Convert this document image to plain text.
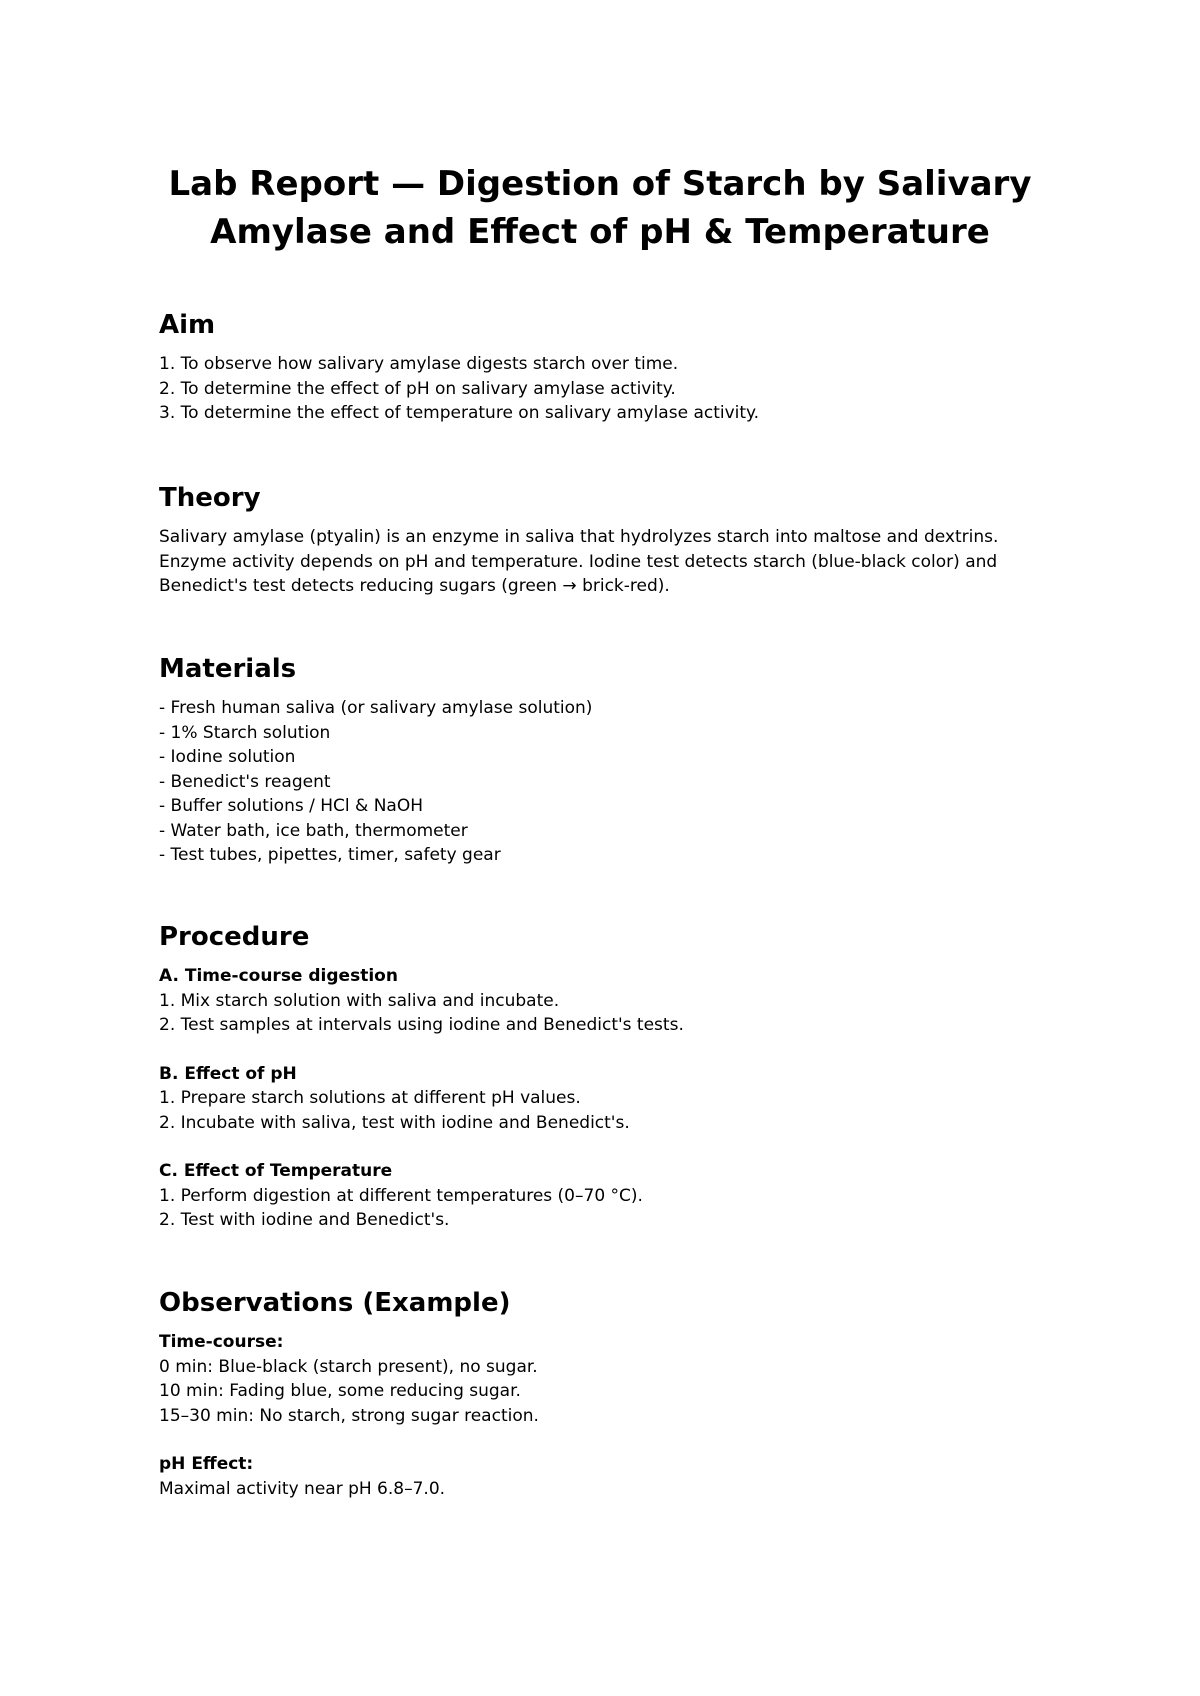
Lab Report — Digestion of Starch by Salivary
Amylase and Effect of pH & Temperature
Aim
1. To observe how salivary amylase digests starch over time.
2. To determine the effect of pH on salivary amylase activity.
3. To determine the effect of temperature on salivary amylase activity.
Theory
Salivary amylase (ptyalin) is an enzyme in saliva that hydrolyzes starch into maltose and dextrins.
Enzyme activity depends on pH and temperature. Iodine test detects starch (blue-black color) and
Benedict's test detects reducing sugars (green → brick-red).
Materials
- Fresh human saliva (or salivary amylase solution)
- 1% Starch solution
- Iodine solution
- Benedict's reagent
- Buffer solutions / HCl & NaOH
- Water bath, ice bath, thermometer
- Test tubes, pipettes, timer, safety gear
Procedure
A. Time-course digestion
1. Mix starch solution with saliva and incubate.
2. Test samples at intervals using iodine and Benedict's tests.
B. Effect of pH
1. Prepare starch solutions at different pH values.
2. Incubate with saliva, test with iodine and Benedict's.
C. Effect of Temperature
1. Perform digestion at different temperatures (0–70 °C).
2. Test with iodine and Benedict's.
Observations (Example)
Time-course:
0 min: Blue-black (starch present), no sugar.
10 min: Fading blue, some reducing sugar.
15–30 min: No starch, strong sugar reaction.
pH Effect:
Maximal activity near pH 6.8–7.0.
